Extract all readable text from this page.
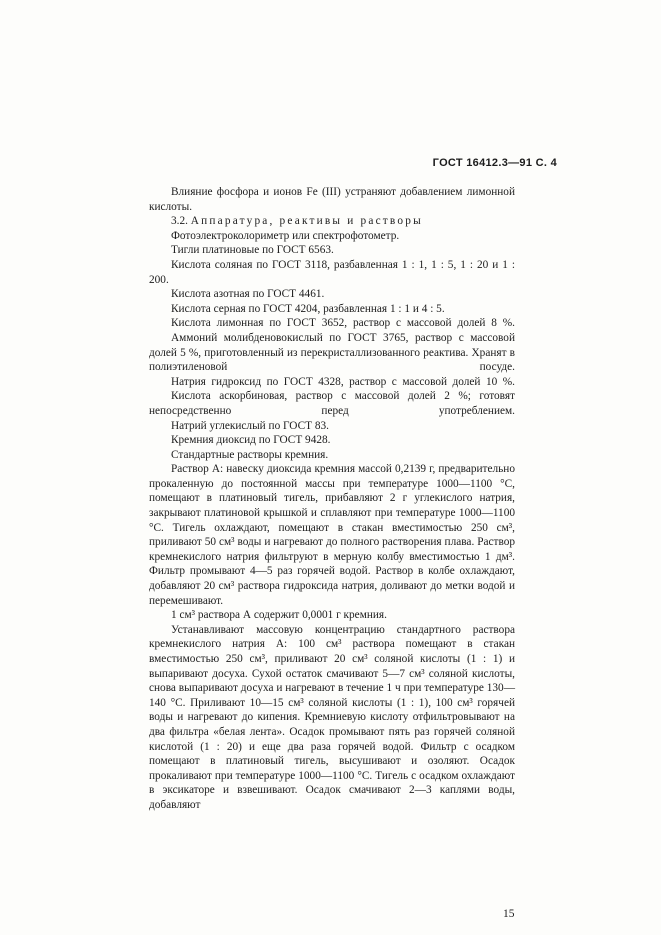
ГОСТ 16412.3—91 С. 4

Влияние фосфора и ионов Fe (III) устраняют добавлением лимонной кислоты.

3.2. Аппаратура, реактивы и растворы

Фотоэлектроколориметр или спектрофотометр.

Тигли платиновые по ГОСТ 6563.

Кислота соляная по ГОСТ 3118, разбавленная 1 : 1, 1 : 5, 1 : 20 и 1 : 200.

Кислота азотная по ГОСТ 4461.

Кислота серная по ГОСТ 4204, разбавленная 1 : 1 и 4 : 5.

Кислота лимонная по ГОСТ 3652, раствор с массовой долей 8 %.

Аммоний молибденовокислый по ГОСТ 3765, раствор с массовой долей 5 %, приготовленный из перекристаллизованного реактива. Хранят в полиэтиленовой посуде.

Натрия гидроксид по ГОСТ 4328, раствор с массовой долей 10 %.

Кислота аскорбиновая, раствор с массовой долей 2 %; готовят непосредственно перед употреблением.

Натрий углекислый по ГОСТ 83.

Кремния диоксид по ГОСТ 9428.

Стандартные растворы кремния.

Раствор А: навеску диоксида кремния массой 0,2139 г, предварительно прокаленную до постоянной массы при температуре 1000—1100 °С, помещают в платиновый тигель, прибавляют 2 г углекислого натрия, закрывают платиновой крышкой и сплавляют при температуре 1000—1100 °С. Тигель охлаждают, помещают в стакан вместимостью 250 см³, приливают 50 см³ воды и нагревают до полного растворения плава. Раствор кремнекислого натрия фильтруют в мерную колбу вместимостью 1 дм³. Фильтр промывают 4—5 раз горячей водой. Раствор в колбе охлаждают, добавляют 20 см³ раствора гидроксида натрия, доливают до метки водой и перемешивают.

1 см³ раствора А содержит 0,0001 г кремния.

Устанавливают массовую концентрацию стандартного раствора кремнекислого натрия А: 100 см³ раствора помещают в стакан вместимостью 250 см³, приливают 20 см³ соляной кислоты (1 : 1) и выпаривают досуха. Сухой остаток смачивают 5—7 см³ соляной кислоты, снова выпаривают досуха и нагревают в течение 1 ч при температуре 130—140 °С. Приливают 10—15 см³ соляной кислоты (1 : 1), 100 см³ горячей воды и нагревают до кипения. Кремниевую кислоту отфильтровывают на два фильтра «белая лента». Осадок промывают пять раз горячей соляной кислотой (1 : 20) и еще два раза горячей водой. Фильтр с осадком помещают в платиновый тигель, высушивают и озоляют. Осадок прокаливают при температуре 1000—1100 °С. Тигель с осадком охлаждают в эксикаторе и взвешивают. Осадок смачивают 2—3 каплями воды, добавляют

15
